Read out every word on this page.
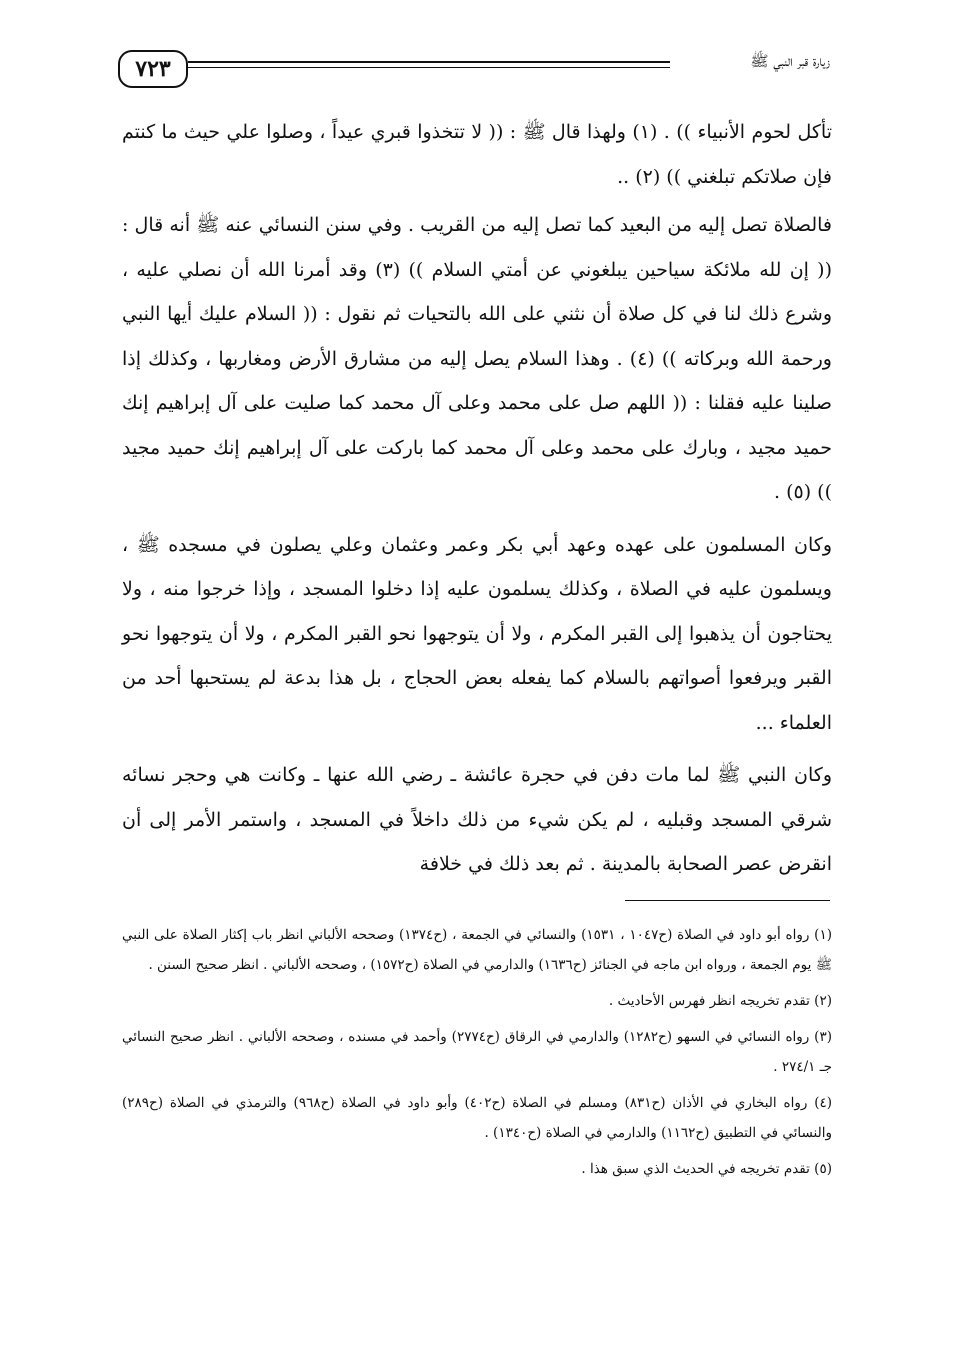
٧٢٣	زيارة قبر النبي ﷺ

تأكل لحوم الأنبياء )) . (١) ولهذا قال ﷺ : (( لا تتخذوا قبري عيداً ، وصلوا علي حيث ما كنتم فإن صلاتكم تبلغني )) (٢) ..

فالصلاة تصل إليه من البعيد كما تصل إليه من القريب . وفي سنن النسائي عنه ﷺ أنه قال : (( إن لله ملائكة سياحين يبلغوني عن أمتي السلام )) (٣) وقد أمرنا الله أن نصلي عليه ، وشرع ذلك لنا في كل صلاة أن نثني على الله بالتحيات ثم نقول : (( السلام عليك أيها النبي ورحمة الله وبركاته )) (٤) . وهذا السلام يصل إليه من مشارق الأرض ومغاربها ، وكذلك إذا صلينا عليه فقلنا : (( اللهم صل على محمد وعلى آل محمد كما صليت على آل إبراهيم إنك حميد مجيد ، وبارك على محمد وعلى آل محمد كما باركت على آل إبراهيم إنك حميد مجيد )) (٥) .

وكان المسلمون على عهده وعهد أبي بكر وعمر وعثمان وعلي يصلون في مسجده ﷺ ، ويسلمون عليه في الصلاة ، وكذلك يسلمون عليه إذا دخلوا المسجد ، وإذا خرجوا منه ، ولا يحتاجون أن يذهبوا إلى القبر المكرم ، ولا أن يتوجهوا نحو القبر المكرم ، ولا أن يتوجهوا نحو القبر ويرفعوا أصواتهم بالسلام كما يفعله بعض الحجاج ، بل هذا بدعة لم يستحبها أحد من العلماء ...

وكان النبي ﷺ لما مات دفن في حجرة عائشة ـ رضي الله عنها ـ وكانت هي وحجر نسائه شرقي المسجد وقبليه ، لم يكن شيء من ذلك داخلاً في المسجد ، واستمر الأمر إلى أن انقرض عصر الصحابة بالمدينة . ثم بعد ذلك في خلافة

(١) رواه أبو داود في الصلاة (ح١٠٤٧ ، ١٥٣١) والنسائي في الجمعة ، (ح١٣٧٤) وصححه الألباني انظر باب إكثار الصلاة على النبي ﷺ يوم الجمعة ، ورواه ابن ماجه في الجنائز (ح١٦٣٦) والدارمي في الصلاة (ح١٥٧٢) ، وصححه الألباني . انظر صحيح السنن .

(٢) تقدم تخريجه انظر فهرس الأحاديث .

(٣) رواه النسائي في السهو (ح١٢٨٢) والدارمي في الرقاق (ح٢٧٧٤) وأحمد في مسنده ، وصححه الألباني . انظر صحيح النسائي جـ ٢٧٤/١ .

(٤) رواه البخاري في الأذان (ح٨٣١) ومسلم في الصلاة (ح٤٠٢) وأبو داود في الصلاة (ح٩٦٨) والترمذي في الصلاة (ح٢٨٩) والنسائي في التطبيق (ح١١٦٢) والدارمي في الصلاة (ح١٣٤٠) .

(٥) تقدم تخريجه في الحديث الذي سبق هذا .
